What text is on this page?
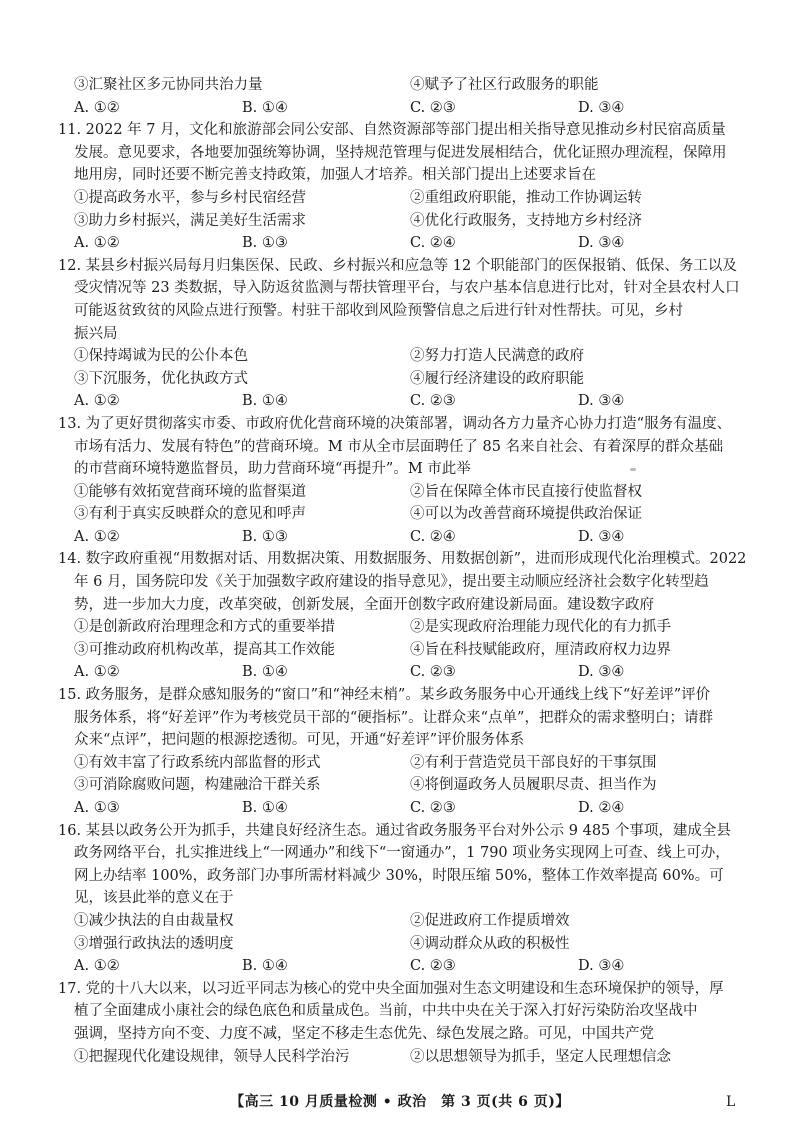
③汇聚社区多元协同共治力量	④赋予了社区行政服务的职能
A. ①②	B. ①④	C. ②③	D. ③④
11. 2022 年 7 月，文化和旅游部会同公安部、自然资源部等部门提出相关指导意见推动乡村民宿高质量
发展。意见要求，各地要加强统筹协调，坚持规范管理与促进发展相结合，优化证照办理流程，保障用
地用房，同时还要不断完善支持政策，加强人才培养。相关部门提出上述要求旨在
①提高政务水平，参与乡村民宿经营	②重组政府职能，推动工作协调运转
③助力乡村振兴，满足美好生活需求	④优化行政服务，支持地方乡村经济
A. ①②	B. ①③	C. ②④	D. ③④
12. 某县乡村振兴局每月归集医保、民政、乡村振兴和应急等 12 个职能部门的医保报销、低保、务工以及
受灾情况等 23 类数据，导入防返贫监测与帮扶管理平台，与农户基本信息进行比对，针对全县农村人口
可能返贫致贫的风险点进行预警。村驻干部收到风险预警信息之后进行针对性帮扶。可见，乡村
振兴局
①保持竭诚为民的公仆本色	②努力打造人民满意的政府
③下沉服务，优化执政方式	④履行经济建设的政府职能
A. ①②	B. ①④	C. ②③	D. ③④
13. 为了更好贯彻落实市委、市政府优化营商环境的决策部署，调动各方力量齐心协力打造“服务有温度、
市场有活力、发展有特色”的营商环境。M 市从全市层面聘任了 85 名来自社会、有着深厚的群众基础
的市营商环境特邀监督员，助力营商环境“再提升”。M 市此举
①能够有效拓宽营商环境的监督渠道	②旨在保障全体市民直接行使监督权
③有利于真实反映群众的意见和呼声	④可以为改善营商环境提供政治保证
A. ①②	B. ①③	C. ②④	D. ③④
14. 数字政府重视“用数据对话、用数据决策、用数据服务、用数据创新”，进而形成现代化治理模式。2022
年 6 月，国务院印发《关于加强数字政府建设的指导意见》，提出要主动顺应经济社会数字化转型趋
势，进一步加大力度，改革突破，创新发展，全面开创数字政府建设新局面。建设数字政府
①是创新政府治理理念和方式的重要举措	②是实现政府治理能力现代化的有力抓手
③可推动政府机构改革，提高其工作效能	④旨在科技赋能政府，厘清政府权力边界
A. ①②	B. ①④	C. ②③	D. ③④
15. 政务服务，是群众感知服务的“窗口”和“神经末梢”。某乡政务服务中心开通线上线下“好差评”评价
服务体系，将“好差评”作为考核党员干部的“硬指标”。让群众来“点单”，把群众的需求整明白；请群
众来“点评”，把问题的根源挖透彻。可见，开通“好差评”评价服务体系
①有效丰富了行政系统内部监督的形式	②有利于营造党员干部良好的干事氛围
③可消除腐败问题，构建融洽干群关系	④将倒逼政务人员履职尽责、担当作为
A. ①③	B. ①④	C. ②③	D. ②④
16. 某县以政务公开为抓手，共建良好经济生态。通过省政务服务平台对外公示 9 485 个事项，建成全县
政务网络平台，扎实推进线上“一网通办”和线下“一窗通办”，1 790 项业务实现网上可查、线上可办，
网上办结率 100%，政务部门办事所需材料减少 30%，时限压缩 50%，整体工作效率提高 60%。可
见，该县此举的意义在于
①减少执法的自由裁量权	②促进政府工作提质增效
③增强行政执法的透明度	④调动群众从政的积极性
A. ①②	B. ①④	C. ②③	D. ③④
17. 党的十八大以来，以习近平同志为核心的党中央全面加强对生态文明建设和生态环境保护的领导，厚
植了全面建成小康社会的绿色底色和质量成色。当前，中共中央在关于深入打好污染防治攻坚战中
强调，坚持方向不变、力度不减，坚定不移走生态优先、绿色发展之路。可见，中国共产党
①把握现代化建设规律，领导人民科学治污	②以思想领导为抓手，坚定人民理想信念
【高三 10 月质量检测 • 政治　第 3 页(共 6 页)】	L
